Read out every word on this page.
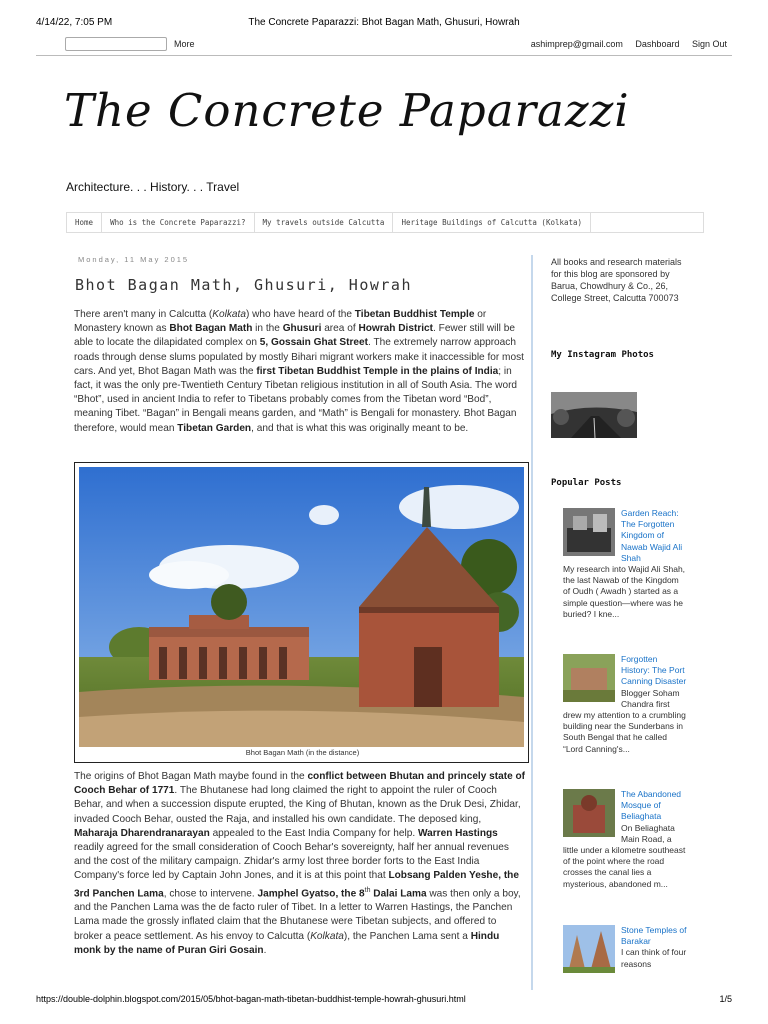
4/14/22, 7:05 PM	The Concrete Paparazzi: Bhot Bagan Math, Ghusuri, Howrah
More	ashimprep@gmail.com Dashboard Sign Out
The Concrete Paparazzi
Architecture. . . History. . . Travel
Home	Who is the Concrete Paparazzi?	My travels outside Calcutta	Heritage Buildings of Calcutta (Kolkata)
Monday, 11 May 2015
Bhot Bagan Math, Ghusuri, Howrah
There aren't many in Calcutta (Kolkata) who have heard of the Tibetan Buddhist Temple or Monastery known as Bhot Bagan Math in the Ghusuri area of Howrah District. Fewer still will be able to locate the dilapidated complex on 5, Gossain Ghat Street. The extremely narrow approach roads through dense slums populated by mostly Bihari migrant workers make it inaccessible for most cars. And yet, Bhot Bagan Math was the first Tibetan Buddhist Temple in the plains of India; in fact, it was the only pre-Twentieth Century Tibetan religious institution in all of South Asia. The word “Bhot”, used in ancient India to refer to Tibetans probably comes from the Tibetan word “Bod”, meaning Tibet. “Bagan” in Bengali means garden, and “Math” is Bengali for monastery. Bhot Bagan therefore, would mean Tibetan Garden, and that is what this was originally meant to be.
Bhot Bagan Math (in the distance)
The origins of Bhot Bagan Math maybe found in the conflict between Bhutan and princely state of Cooch Behar of 1771. The Bhutanese had long claimed the right to appoint the ruler of Cooch Behar, and when a succession dispute erupted, the King of Bhutan, known as the Druk Desi, Zhidar, invaded Cooch Behar, ousted the Raja, and installed his own candidate. The deposed king, Maharaja Dharendranarayan appealed to the East India Company for help. Warren Hastings readily agreed for the small consideration of Cooch Behar's sovereignty, half her annual revenues and the cost of the military campaign. Zhidar's army lost three border forts to the East India Company's force led by Captain John Jones, and it is at this point that Lobsang Palden Yeshe, the 3rd Panchen Lama, chose to intervene. Jamphel Gyatso, the 8th Dalai Lama was then only a boy, and the Panchen Lama was the de facto ruler of Tibet. In a letter to Warren Hastings, the Panchen Lama made the grossly inflated claim that the Bhutanese were Tibetan subjects, and offered to broker a peace settlement. As his envoy to Calcutta (Kolkata), the Panchen Lama sent a Hindu monk by the name of Puran Giri Gosain.
All books and research materials for this blog are sponsored by Barua, Chowdhury & Co., 26, College Street, Calcutta 700073
My Instagram Photos
Popular Posts
Garden Reach: The Forgotten Kingdom of Nawab Wajid Ali Shah
My research into Wajid Ali Shah, the last Nawab of the Kingdom of Oudh ( Awadh ) started as a simple question—where was he buried? I kne...
Forgotten History: The Port Canning Disaster
Blogger Soham Chandra first drew my attention to a crumbling building near the Sunderbans in South Bengal that he called “Lord Canning's...
The Abandoned Mosque of Beliaghata
On Beliaghata Main Road, a little under a kilometre southeast of the point where the road crosses the canal lies a mysterious, abandoned m...
Stone Temples of Barakar
I can think of four reasons
https://double-dolphin.blogspot.com/2015/05/bhot-bagan-math-tibetan-buddhist-temple-howrah-ghusuri.html	1/5
